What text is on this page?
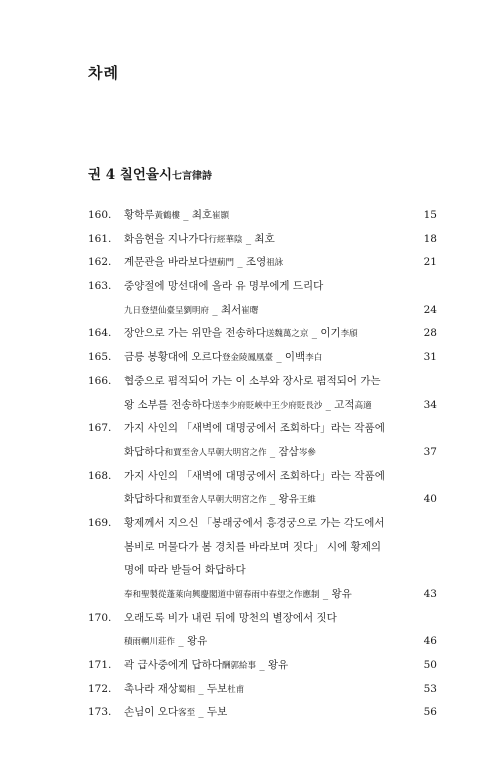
차례
권 4 칠언율시七言律詩
160.	황학루黃鶴樓 _ 최호崔顥	15
161.	화음현을 지나가다行經華陰 _ 최호	18
162.	계문관을 바라보다望薊門 _ 조영祖詠	21
163.	중양절에 망선대에 올라 유 명부에게 드리다
九日登望仙臺呈劉明府 _ 최서崔曙	24
164.	장안으로 가는 위만을 전송하다送魏萬之京 _ 이기李頎	28
165.	금릉 봉황대에 오르다登金陵鳳凰臺 _ 이백李白	31
166.	협중으로 폄적되어 가는 이 소부와 장사로 폄적되어 가는
왕 소부를 전송하다送李少府貶峽中王少府貶長沙 _ 고적高適	34
167.	가지 사인의 「새벽에 대명궁에서 조회하다」라는 작품에
화답하다和賈至舍人早朝大明宮之作 _ 잠삼岑參	37
168.	가지 사인의 「새벽에 대명궁에서 조회하다」라는 작품에
화답하다和賈至舍人早朝大明宮之作 _ 왕유王維	40
169.	황제께서 지으신 「봉래궁에서 흥경궁으로 가는 각도에서
봄비로 머물다가 봄 경치를 바라보며 짓다」 시에 황제의
명에 따라 받들어 화답하다
奉和聖製從蓬萊向興慶閣道中留春雨中春望之作應制 _ 왕유	43
170.	오래도록 비가 내린 뒤에 망천의 별장에서 짓다
積雨輞川莊作 _ 왕유	46
171.	곽 급사중에게 답하다酬郭給事 _ 왕유	50
172.	촉나라 재상蜀相 _ 두보杜甫	53
173.	손님이 오다客至 _ 두보	56
